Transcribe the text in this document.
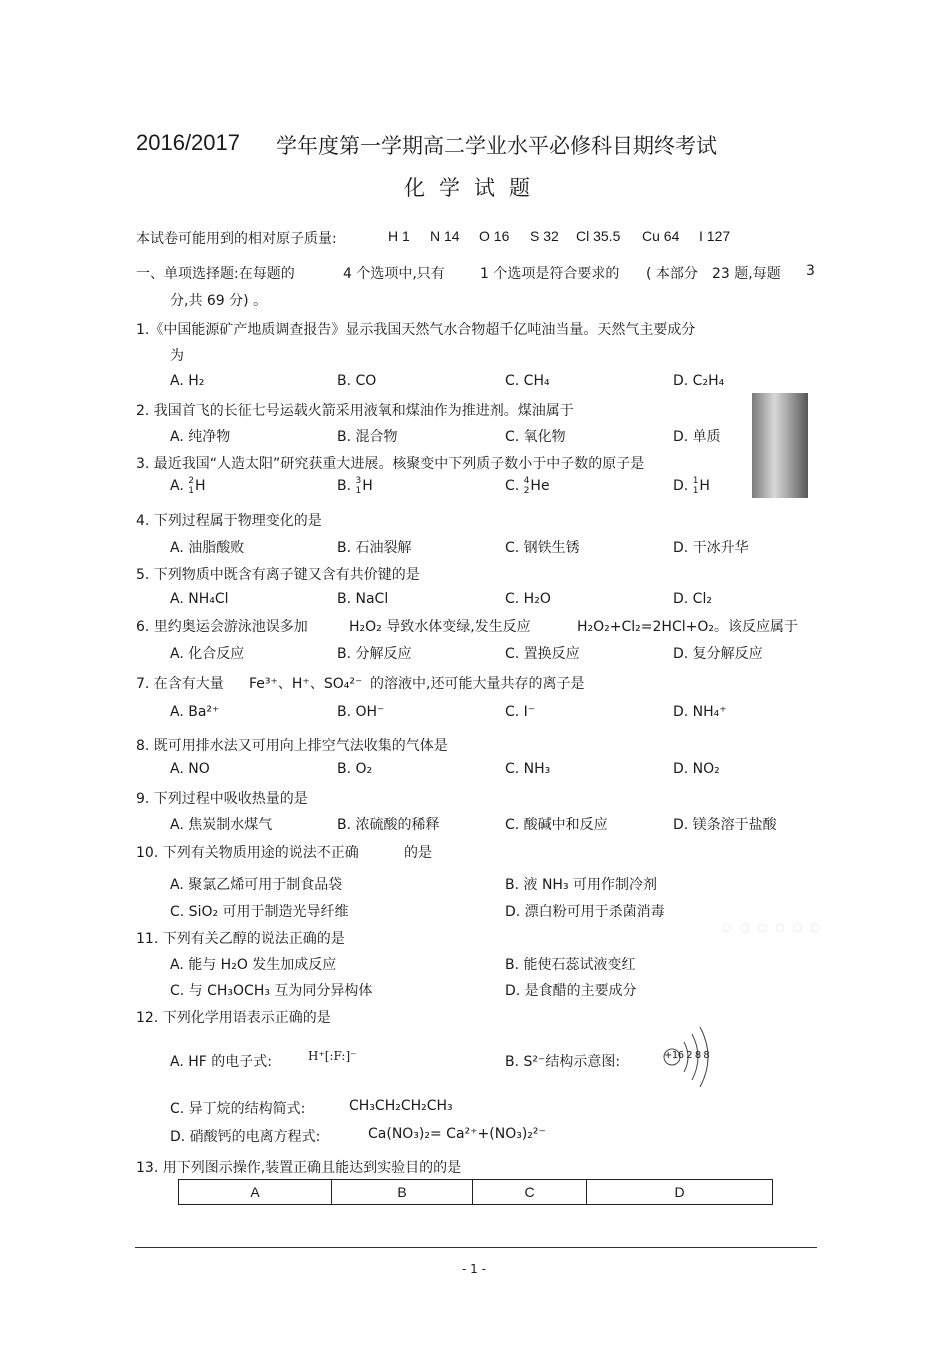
2016/2017 学年度第一学期高二学业水平必修科目期终考试
化学试题
本试卷可能用到的相对原子质量:	H 1 N 14 O 16 S 32 Cl 35.5 Cu 64 I 127
一、单项选择题:在每题的	4 个选项中,只有	1 个选项是符合要求的 ( 本部分 23 题,每题 3
分,共 69 分) 。
1.《中国能源矿产地质调查报告》显示我国天然气水合物超千亿吨油当量。天然气主要成分
为
A. H₂	B. CO	C. CH₄	D. C₂H₄
2. 我国首飞的长征七号运载火箭采用液氧和煤油作为推进剂。煤油属于
A. 纯净物	B. 混合物	C. 氧化物	D. 单质
3. 最近我国“人造太阳”研究获重大进展。核聚变中下列质子数小于中子数的原子是
A. 2
1 H	B. 3
1 H	C. 4
2 He	D. 1
1 H
4. 下列过程属于物理变化的是
A. 油脂酸败	B. 石油裂解	C. 钢铁生锈	D. 干冰升华
5. 下列物质中既含有离子键又含有共价键的是
A. NH₄Cl	B. NaCl	C. H₂O	D. Cl₂
6. 里约奥运会游泳池误多加	H₂O₂ 导致水体变绿,发生反应	H₂O₂+Cl₂=2HCl+O₂。该反应属于
A. 化合反应	B. 分解反应	C. 置换反应	D. 复分解反应
7. 在含有大量 Fe³⁺、H⁺、SO₄²⁻ 的溶液中,还可能大量共存的离子是
A. Ba²⁺	B. OH⁻	C. I⁻	D. NH₄⁺
8. 既可用排水法又可用向上排空气法收集的气体是
A. NO	B. O₂	C. NH₃	D. NO₂
9. 下列过程中吸收热量的是
A. 焦炭制水煤气	B. 浓硫酸的稀释	C. 酸碱中和反应	D. 镁条溶于盐酸
10. 下列有关物质用途的说法不正确	的是
A. 聚氯乙烯可用于制食品袋	B. 液 NH₃ 可用作制冷剂
C. SiO₂ 可用于制造光导纤维	D. 漂白粉可用于杀菌消毒 ◦◦◦◦◦◦
11. 下列有关乙醇的说法正确的是
A. 能与 H₂O 发生加成反应	B. 能使石蕊试液变红
C. 与 CH₃OCH₃ 互为同分异构体	D. 是食醋的主要成分
12. 下列化学用语表示正确的是
A. HF 的电子式:	H⁺[:F:]⁻	B. S²⁻结构示意图:	+16 2 8 8
C. 异丁烷的结构简式:	CH₃CH₂CH₂CH₃
D. 硝酸钙的电离方程式:	Ca(NO₃)₂= Ca²⁺+(NO₃)₂²⁻
13. 用下列图示操作,装置正确且能达到实验目的的是
A	B	C	D
- 1 -
